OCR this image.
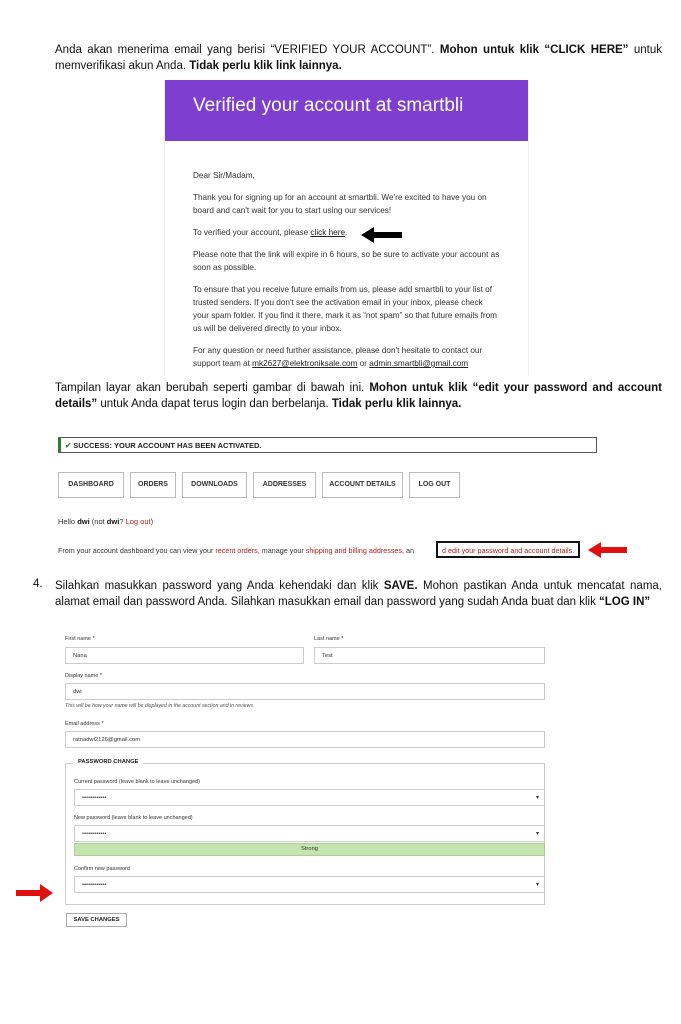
Anda akan menerima email yang berisi “VERIFIED YOUR ACCOUNT”. Mohon untuk klik “CLICK HERE” untuk memverifikasi akun Anda. Tidak perlu klik link lainnya.
Verified your account at smartbli

Dear Sir/Madam,

Thank you for signing up for an account at smartbli. We're excited to have you on board and can't wait for you to start using our services!

To verified your account, please click here.

Please note that the link will expire in 6 hours, so be sure to activate your account as soon as possible.

To ensure that you receive future emails from us, please add smartbli to your list of trusted senders. If you don't see the activation email in your inbox, please check your spam folder. If you find it there, mark it as “not spam” so that future emails from us will be delivered directly to your inbox.

For any question or need further assistance, please don't hesitate to contact our support team at mk2627@elektroniksale.com or admin.smartbli@gmail.com

Tampilan layar akan berubah seperti gambar di bawah ini. Mohon untuk klik “edit your password and account details” untuk Anda dapat terus login dan berbelanja. Tidak perlu klik lainnya.
✔ SUCCESS: YOUR ACCOUNT HAS BEEN ACTIVATED.
DASHBOARD	ORDERS	DOWNLOADS	ADDRESSES	ACCOUNT DETAILS	LOG OUT
Hello dwi (not dwi? Log out)
From your account dashboard you can view your recent orders, manage your shipping and billing addresses, an	d edit your password and account details.
4. Silahkan masukkan password yang Anda kehendaki dan klik SAVE. Mohon pastikan Anda untuk mencatat nama, alamat email dan password Anda. Silahkan masukkan email dan password yang sudah Anda buat dan klik “LOG IN”
First name *
Nana
Last name *
Test
Display name *
dwi
This will be how your name will be displayed in the account section and in reviews
Email address *
ratnadwi2126@gmail.com
PASSWORD CHANGE
Current password (leave blank to leave unchanged)
••••••••••••	▾
New password (leave blank to leave unchanged)
••••••••••••	▾
Strong
Confirm new password
••••••••••••	▾
SAVE CHANGES
